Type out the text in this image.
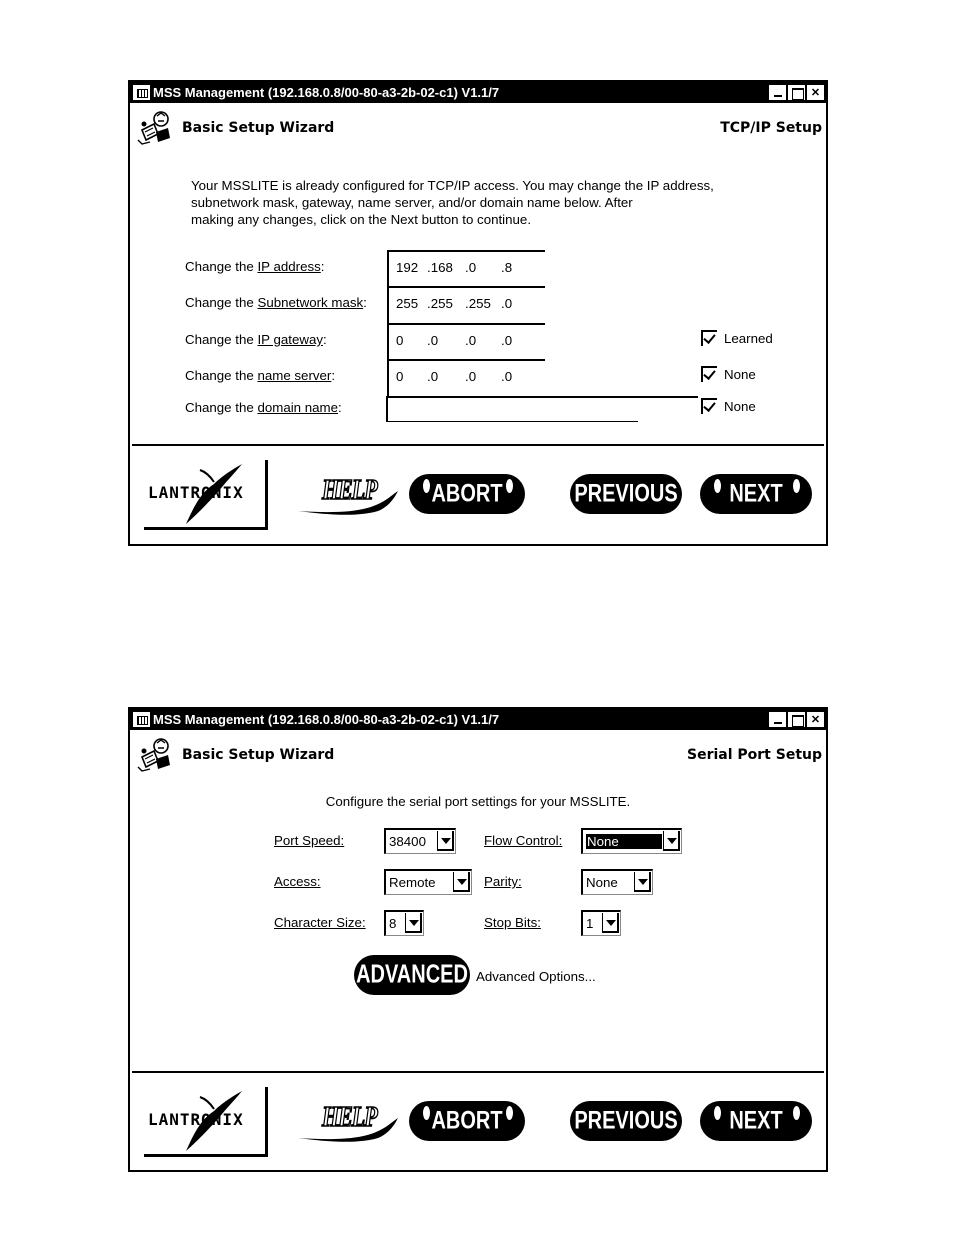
MSS Management (192.168.0.8/00-80-a3-2b-02-c1) V1.1/7	✕
Basic Setup Wizard	TCP/IP Setup
Your MSSLITE is already configured for TCP/IP access. You may change the IP address,
subnetwork mask, gateway, name server, and/or domain name below. After
making any changes, click on the Next button to continue.
Change the IP address:	192 .168 .0 .8
Change the Subnetwork mask: 255 .255 .255 .0
Change the IP gateway:	0 .0 .0 .0	Learned
Change the name server:	0 .0 .0 .0	None
Change the domain name:	None
LANTRONIX	HELP	ABORT	PREVIOUS	NEXT
MSS Management (192.168.0.8/00-80-a3-2b-02-c1) V1.1/7	✕
Basic Setup Wizard	Serial Port Setup
Configure the serial port settings for your MSSLITE.
Port Speed:	38400	Flow Control: None
Access:	Remote	Parity:	None
Character Size: 8	Stop Bits:	1
ADVANCED Advanced Options...
LANTRONIX	HELP	ABORT	PREVIOUS	NEXT
